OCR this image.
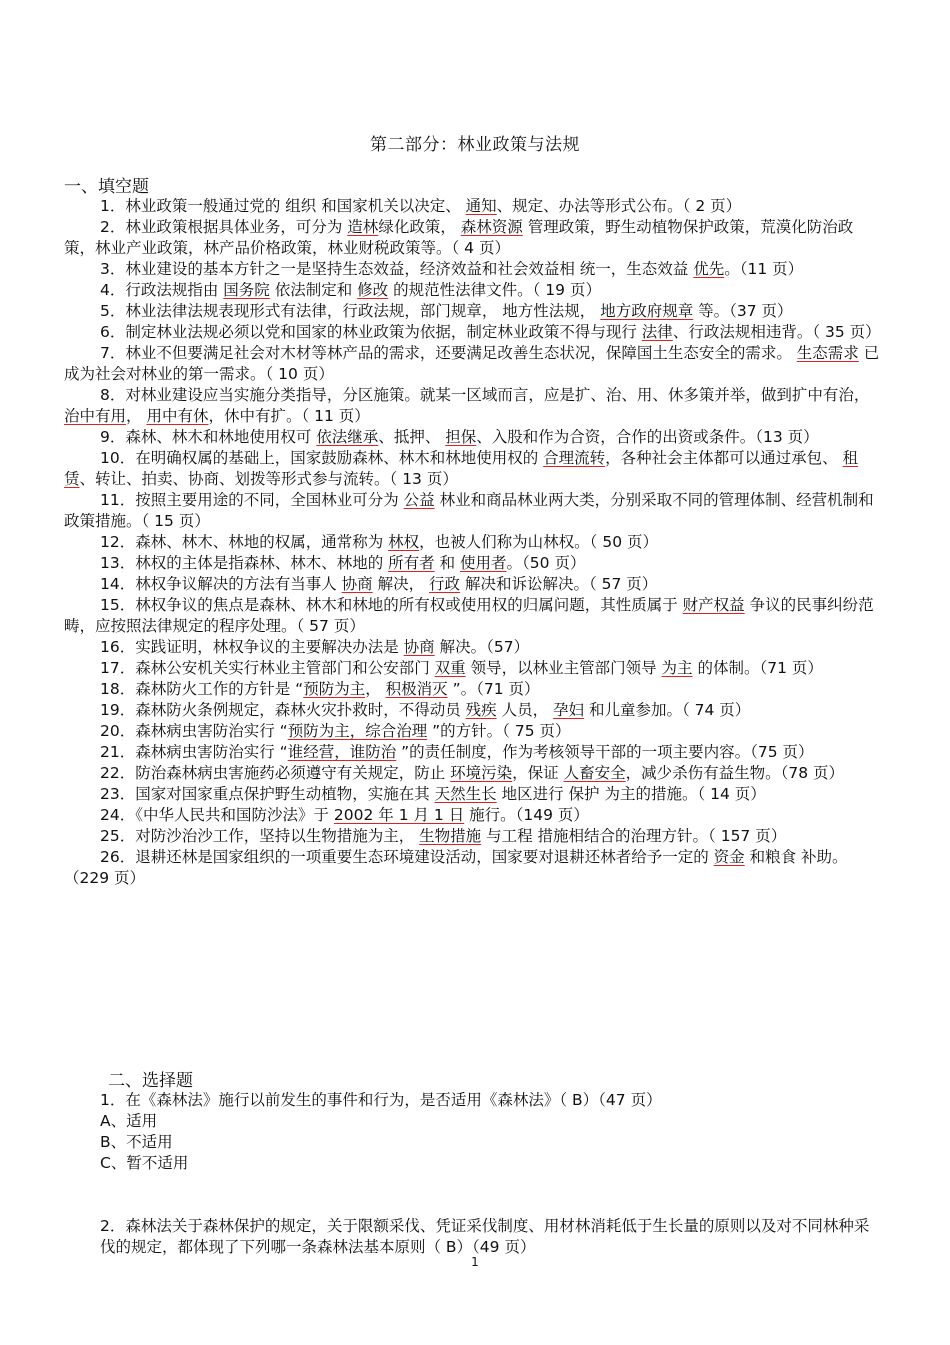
第二部分：林业政策与法规
一、填空题
1．林业政策一般通过党的 组织 和国家机关以决定、 通知、规定、办法等形式公布。（ 2 页）
2．林业政策根据具体业务，可分为 造林绿化政策， 森林资源 管理政策，野生动植物保护政策，荒漠化防治政策，林业产业政策，林产品价格政策，林业财税政策等。（ 4 页）
3．林业建设的基本方针之一是坚持生态效益，经济效益和社会效益相 统一，生态效益 优先。（11 页）
4．行政法规指由 国务院 依法制定和 修改 的规范性法律文件。（ 19 页）
5．林业法律法规表现形式有法律，行政法规，部门规章， 地方性法规， 地方政府规章 等。（37 页）
6．制定林业法规必须以党和国家的林业政策为依据，制定林业政策不得与现行 法律、行政法规相违背。（ 35 页）
7．林业不但要满足社会对木材等林产品的需求，还要满足改善生态状况，保障国土生态安全的需求。 生态需求 已成为社会对林业的第一需求。（ 10 页）
8．对林业建设应当实施分类指导，分区施策。就某一区域而言，应是扩、治、用、休多策并举，做到扩中有治， 治中有用， 用中有休，休中有扩。（ 11 页）
9．森林、林木和林地使用权可 依法继承、抵押、 担保、入股和作为合资，合作的出资或条件。（13 页）
10．在明确权属的基础上，国家鼓励森林、林木和林地使用权的 合理流转，各种社会主体都可以通过承包、 租赁、转让、拍卖、协商、划拨等形式参与流转。（ 13 页）
11．按照主要用途的不同，全国林业可分为 公益 林业和商品林业两大类，分别采取不同的管理体制、经营机制和政策措施。（ 15 页）
12．森林、林木、林地的权属，通常称为 林权，也被人们称为山林权。（ 50 页）
13．林权的主体是指森林、林木、林地的 所有者 和 使用者。（50 页）
14．林权争议解决的方法有当事人 协商 解决， 行政 解决和诉讼解决。（ 57 页）
15．林权争议的焦点是森林、林木和林地的所有权或使用权的归属问题，其性质属于 财产权益 争议的民事纠纷范畴，应按照法律规定的程序处理。（ 57 页）
16．实践证明，林权争议的主要解决办法是 协商 解决。（57）
17．森林公安机关实行林业主管部门和公安部门 双重 领导，以林业主管部门领导 为主 的体制。（71 页）
18．森林防火工作的方针是 “预防为主， 积极消灭 ”。（71 页）
19．森林防火条例规定，森林火灾扑救时，不得动员 残疾 人员， 孕妇 和儿童参加。（ 74 页）
20．森林病虫害防治实行 “预防为主，综合治理 ”的方针。（ 75 页）
21．森林病虫害防治实行 “谁经营，谁防治 ”的责任制度，作为考核领导干部的一项主要内容。（75 页）
22．防治森林病虫害施药必须遵守有关规定，防止 环境污染，保证 人畜安全，减少杀伤有益生物。（78 页）
23．国家对国家重点保护野生动植物，实施在其 天然生长 地区进行 保护 为主的措施。（ 14 页）
24．《中华人民共和国防沙法》于 2002 年 1 月 1 日 施行。（149 页）
25．对防沙治沙工作，坚持以生物措施为主， 生物措施 与工程 措施相结合的治理方针。（ 157 页）
26．退耕还林是国家组织的一项重要生态环境建设活动，国家要对退耕还林者给予一定的 资金 和粮食 补助。（229 页）
二、选择题
1．在《森林法》施行以前发生的事件和行为，是否适用《森林法》（ B）（47 页）
A、适用
B、不适用
C、暂不适用
2．森林法关于森林保护的规定，关于限额采伐、凭证采伐制度、用材林消耗低于生长量的原则以及对不同林种采伐的规定，都体现了下列哪一条森林法基本原则（ B）（49 页）
1
